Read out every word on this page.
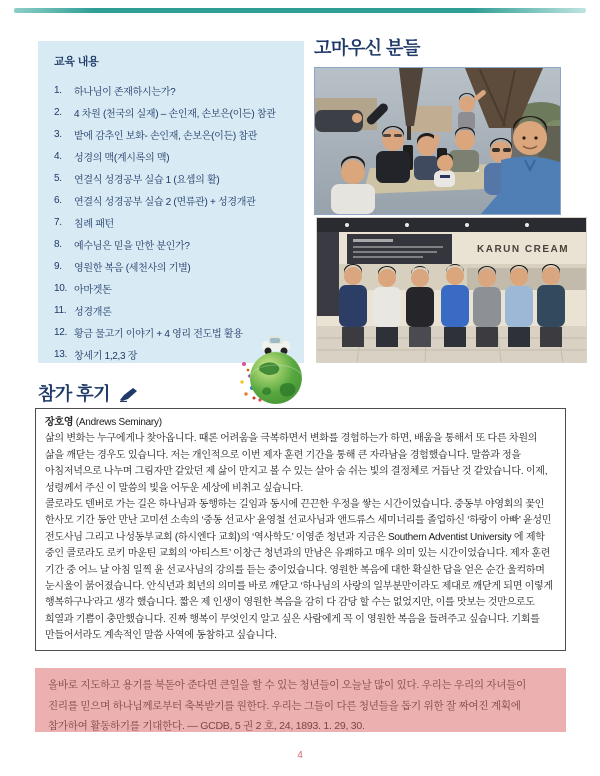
교육 내용
1.	하나님이 존재하시는가?
2.	4 차원 (천국의 실재) – 손인재, 손보은(이든) 참관
3.	밭에 감추인 보화- 손인재, 손보은(이든) 참관
4.	성경의 맥(계시록의 맥)
5.	연결식 성경공부 실습 1 (요셉의 활)
6.	연결식 성경공부 실습 2 (면류관) + 성경개관
7.	침례 패턴
8.	예수님은 믿을 만한 분인가?
9.	영원한 복음 (세천사의 기별)
10. 아마겟돈
11. 성경개론
12. 황금 물고기 이야기 + 4 영리 전도법 활용
13. 창세기 1,2,3 장
고마우신 분들
KARUN CREAM
참가 후기

장호영 (Andrews Seminary)

삶의 변화는 누구에게나 찾아옵니다. 때론 어려움을 극복하면서 변화를 경험하는가 하면, 배움을 통해서 또 다른 차원의 삶을 깨닫는 경우도 있습니다. 저는 개인적으로 이번 제자 훈련 기간을 통해 큰 자라남을 경험했습니다. 말씀과 정을 아침저녁으로 나누며 그림자만 같았던 제 삶이 만지고 볼 수 있는 살아 숨 쉬는 빛의 결정체로 거듭난 것 같았습니다. 이제, 성령께서 주신 이 말씀의 빛을 어두운 세상에 비취고 싶습니다.

콜로라도 덴버로 가는 길은 하나님과 동행하는 길임과 동시에 끈끈한 우정을 쌓는 시간이었습니다. 중동부 야영회의 꽃인 한사모 기간 동안 만난 고미션 소속의 ‘중동 선교사’ 윤영철 선교사님과 앤드류스 세미너리를 졸업하신 ‘하랑이 아빠’ 윤성민 전도사님 그리고 나성동부교회 (하시엔다 교회)의 ‘역사학도’ 이영준 청년과 지금은 Southern Adventist University 에 제학 중인 콜로라도 로키 마운틴 교회의 ‘아티스트’ 이창근 청년과의 만남은 유쾌하고 매우 의미 있는 시간이었습니다. 제자 훈련 기간 중 어느 날 아침 일찍 윤 선교사님의 강의를 듣는 중이었습니다. 영원한 복음에 대한 확실한 답을 얻은 순간 울컥하며 눈시울이 붉어졌습니다. 안식년과 희년의 의미를 바로 깨닫고 ‘하나님의 사랑의 일부분만이라도 제대로 깨닫게 되면 이렇게 행복하구나’라고 생각 했습니다. 짧은 제 인생이 영원한 복음을 감히 다 감당 할 수는 없었지만, 이를 맛보는 것만으로도 희열과 기쁨이 충만했습니다. 진짜 행복이 무엇인지 알고 싶은 사람에게 꼭 이 영원한 복음을 들려주고 싶습니다. 기회를 만들어서라도 계속적인 말씀 사역에 동참하고 싶습니다.

올바로 지도하고 용기를 북돋아 준다면 큰일을 할 수 있는 청년들이 오늘날 많이 있다. 우리는 우리의 자녀들이 진리를 믿으며 하나님께로부터 축복받기를 원한다. 우리는 그들이 다른 청년들을 돕기 위한 잘 짜여진 계획에 참가하여 활동하기를 기대한다. — GCDB, 5 권 2 호, 24, 1893. 1. 29, 30.
4
